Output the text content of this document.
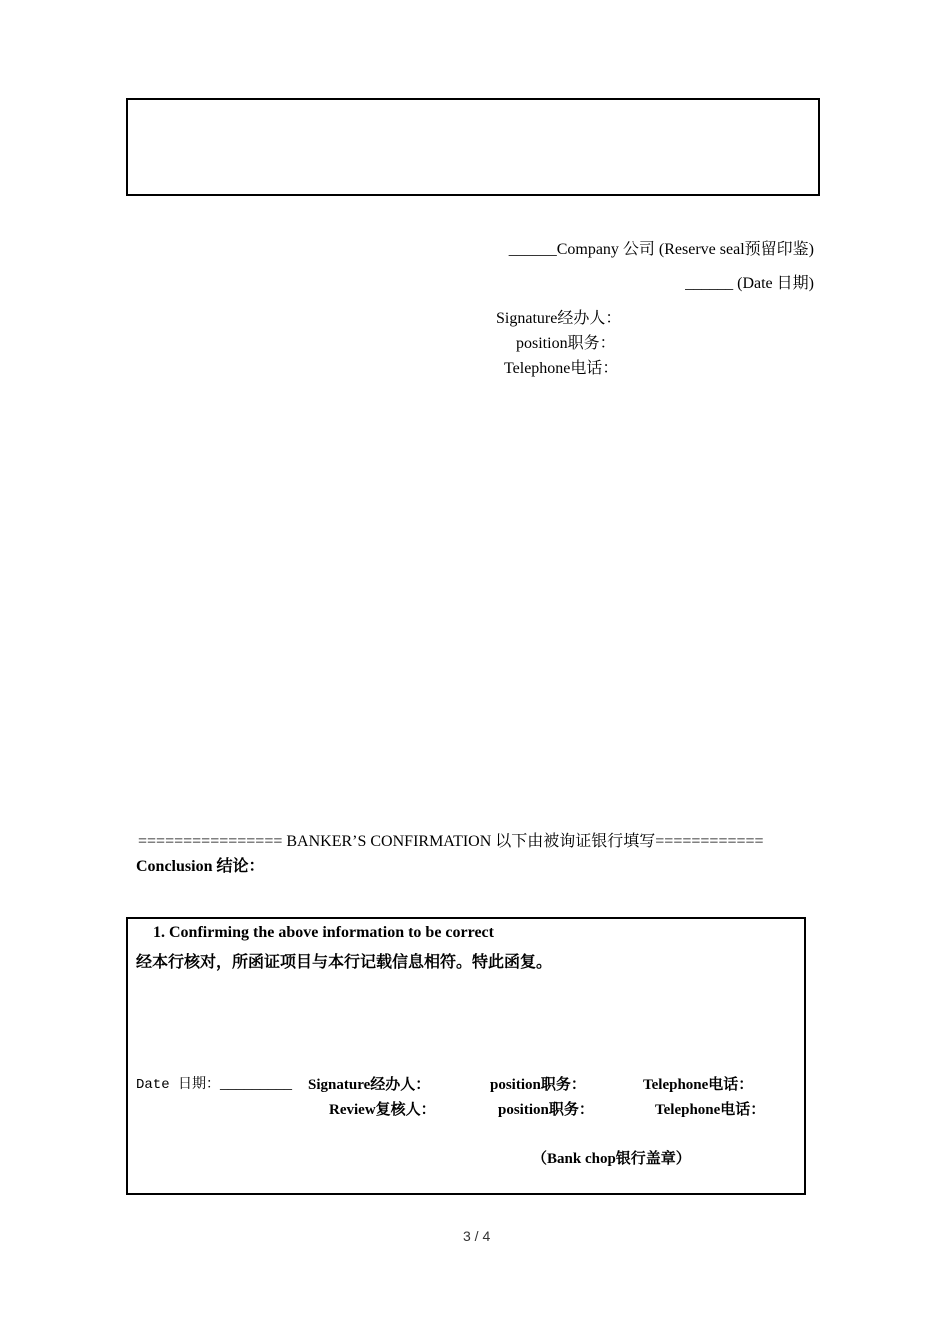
______Company 公司 (Reserve seal预留印鉴)
______ (Date 日期)
Signature经办人：
position职务：
Telephone电话：
================ BANKER’S CONFIRMATION 以下由被询证银行填写============
Conclusion 结论：
1. Confirming the above information to be correct
经本行核对，所函证项目与本行记载信息相符。特此函复。
Date 日期：_________ Signature经办人：	position职务：	Telephone电话：
Review复核人：	position职务：	Telephone电话：
（Bank chop银行盖章）
3 / 4
